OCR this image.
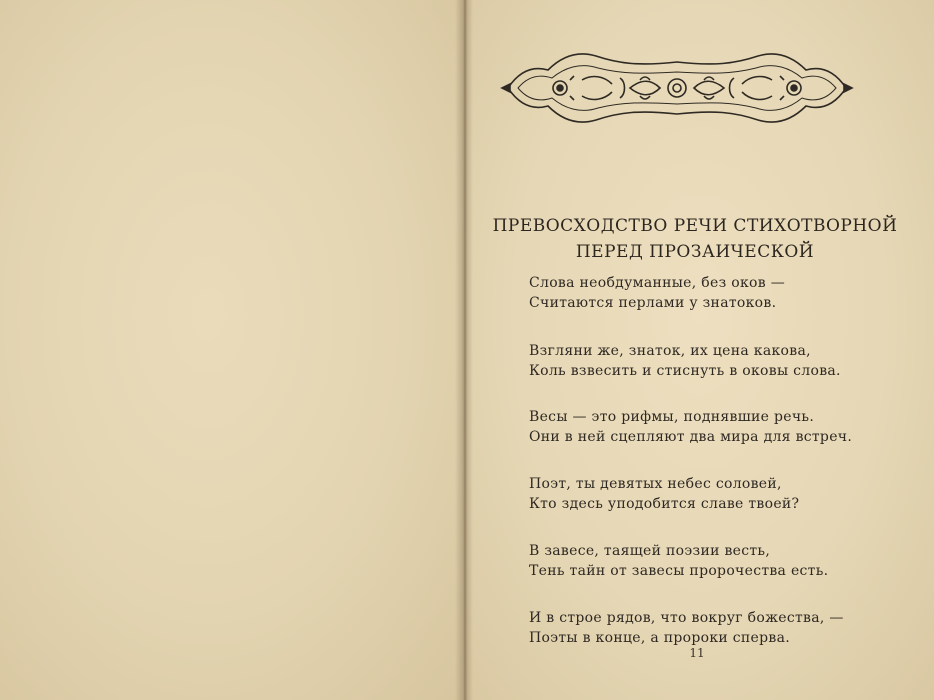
ПРЕВОСХОДСТВО РЕЧИ СТИХОТВОРНОЙ
ПЕРЕД ПРОЗАИЧЕСКОЙ
Слова необдуманные, без оков —
Считаются перлами у знатоков.
Взгляни же, знаток, их цена какова,
Коль взвесить и стиснуть в оковы слова.
Весы — это рифмы, поднявшие речь.
Они в ней сцепляют два мира для встреч.
Поэт, ты девятых небес соловей,
Кто здесь уподобится славе твоей?
В завесе, таящей поэзии весть,
Тень тайн от завесы пророчества есть.
И в строе рядов, что вокруг божества, —
Поэты в конце, а пророки сперва.
11
